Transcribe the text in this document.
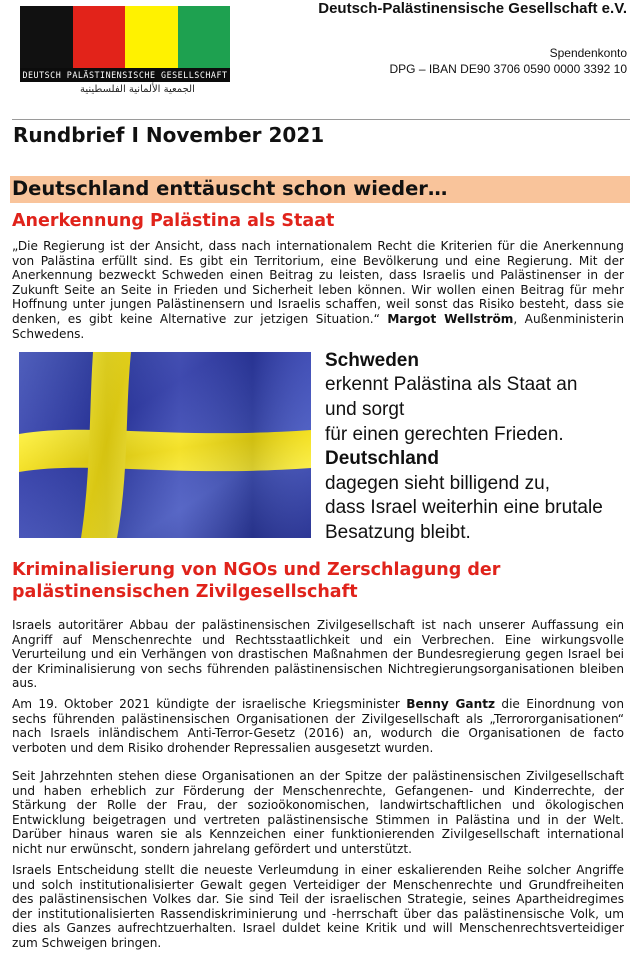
DEUTSCH PALÄSTINENSISCHE GESELLSCHAFT
الجمعية الألمانية الفلسطينية
Deutsch-Palästinensische Gesellschaft e.V.
Spendenkonto
DPG – IBAN DE90 3706 0590 0000 3392 10
Rundbrief I November 2021
Deutschland enttäuscht schon wieder…
Anerkennung Palästina als Staat
„Die Regierung ist der Ansicht, dass nach internationalem Recht die Kriterien für die Anerkennung von Palästina erfüllt sind. Es gibt ein Territorium, eine Bevölkerung und eine Regierung. Mit der Anerkennung bezweckt Schweden einen Beitrag zu leisten, dass Israelis und Palästinenser in der Zukunft Seite an Seite in Frieden und Sicherheit leben können. Wir wollen einen Beitrag für mehr Hoffnung unter jungen Palästinensern und Israelis schaffen, weil sonst das Risiko besteht, dass sie denken, es gibt keine Alternative zur jetzigen Situation.“ Margot Wellström, Außenministerin Schwedens.
Schweden
erkennt Palästina als Staat an
und sorgt
für einen gerechten Frieden.
Deutschland
dagegen sieht billigend zu,
dass Israel weiterhin eine brutale
Besatzung bleibt.
Kriminalisierung von NGOs und Zerschlagung der palästinensischen Zivilgesellschaft
Israels autoritärer Abbau der palästinensischen Zivilgesellschaft ist nach unserer Auffassung ein Angriff auf Menschenrechte und Rechtsstaatlichkeit und ein Verbrechen. Eine wirkungsvolle Verurteilung und ein Verhängen von drastischen Maßnahmen der Bundesregierung gegen Israel bei der Kriminalisierung von sechs führenden palästinensischen Nichtregierungsorganisationen bleiben aus.
Am 19. Oktober 2021 kündigte der israelische Kriegsminister Benny Gantz die Einordnung von sechs führenden palästinensischen Organisationen der Zivilgesellschaft als „Terrororganisationen“ nach Israels inländischem Anti-Terror-Gesetz (2016) an, wodurch die Organisationen de facto verboten und dem Risiko drohender Repressalien ausgesetzt wurden.
Seit Jahrzehnten stehen diese Organisationen an der Spitze der palästinensischen Zivilgesellschaft und haben erheblich zur Förderung der Menschenrechte, Gefangenen- und Kinderrechte, der Stärkung der Rolle der Frau, der sozioökonomischen, landwirtschaftlichen und ökologischen Entwicklung beigetragen und vertreten palästinensische Stimmen in Palästina und in der Welt. Darüber hinaus waren sie als Kennzeichen einer funktionierenden Zivilgesellschaft international nicht nur erwünscht, sondern jahrelang gefördert und unterstützt.
Israels Entscheidung stellt die neueste Verleumdung in einer eskalierenden Reihe solcher Angriffe und solch institutionalisierter Gewalt gegen Verteidiger der Menschenrechte und Grundfreiheiten des palästinensischen Volkes dar. Sie sind Teil der israelischen Strategie, seines Apartheidregimes der institutionalisierten Rassendiskriminierung und -herrschaft über das palästinensische Volk, um dies als Ganzes aufrechtzuerhalten. Israel duldet keine Kritik und will Menschenrechtsverteidiger zum Schweigen bringen.
